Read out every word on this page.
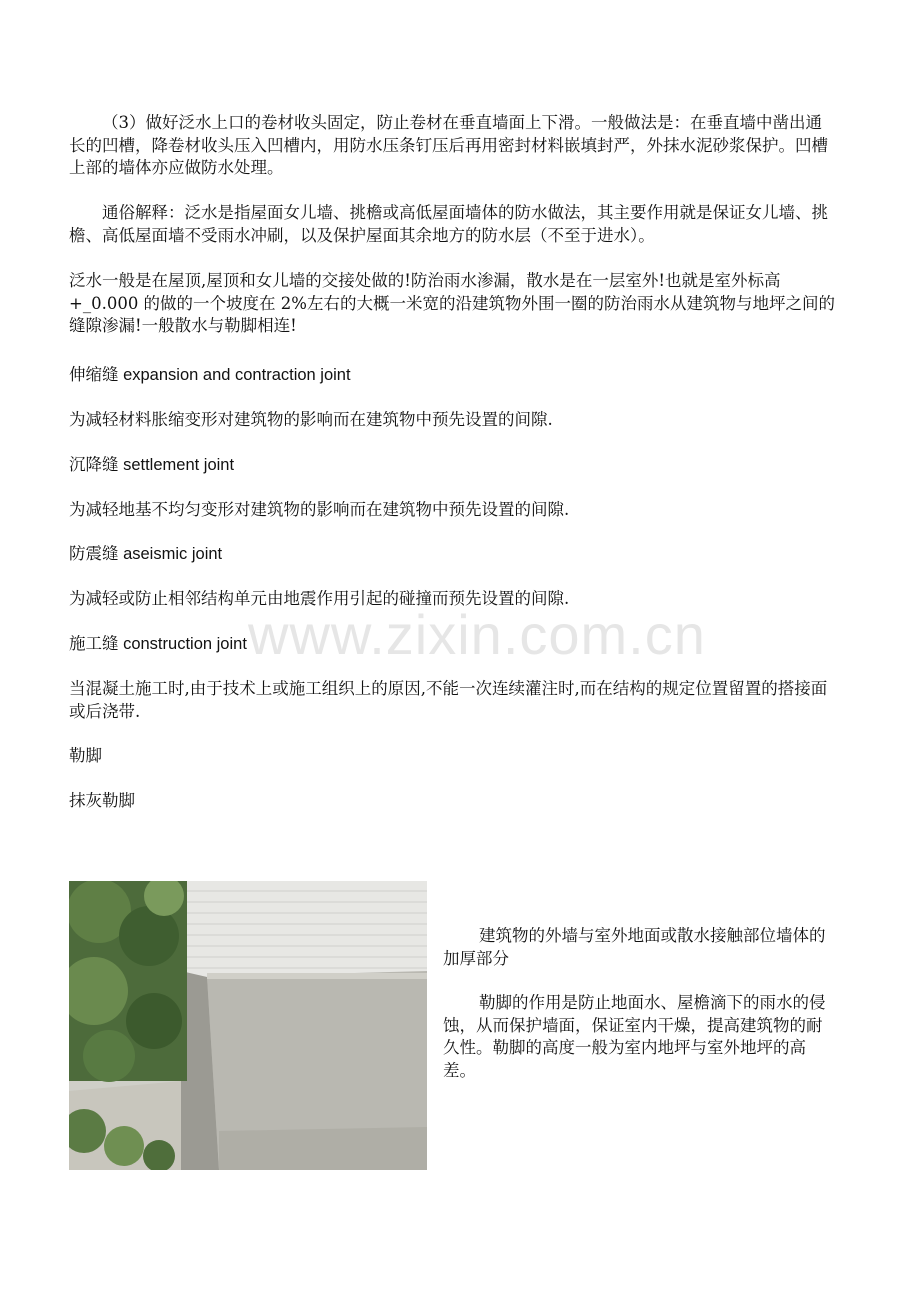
www.zixin.com.cn

（3）做好泛水上口的卷材收头固定，防止卷材在垂直墙面上下滑。一般做法是：在垂直墙中凿出通长的凹槽，降卷材收头压入凹槽内，用防水压条钉压后再用密封材料嵌填封严，外抹水泥砂浆保护。凹槽上部的墙体亦应做防水处理。

通俗解释：泛水是指屋面女儿墙、挑檐或高低屋面墙体的防水做法，其主要作用就是保证女儿墙、挑檐、高低屋面墙不受雨水冲刷，以及保护屋面其余地方的防水层（不至于进水）。

泛水一般是在屋顶,屋顶和女儿墙的交接处做的!防治雨水渗漏，散水是在一层室外!也就是室外标高+_0.000 的做的一个坡度在 2%左右的大概一米宽的沿建筑物外围一圈的防治雨水从建筑物与地坪之间的缝隙渗漏!一般散水与勒脚相连!

伸缩缝 expansion and contraction joint

为减轻材料胀缩变形对建筑物的影响而在建筑物中预先设置的间隙.

沉降缝 settlement joint

为减轻地基不均匀变形对建筑物的影响而在建筑物中预先设置的间隙.

防震缝 aseismic joint

为减轻或防止相邻结构单元由地震作用引起的碰撞而预先设置的间隙.

施工缝 construction joint

当混凝土施工时,由于技术上或施工组织上的原因,不能一次连续灌注时,而在结构的规定位置留置的搭接面或后浇带.

勒脚

抹灰勒脚

建筑物的外墙与室外地面或散水接触部位墙体的加厚部分

勒脚的作用是防止地面水、屋檐滴下的雨水的侵蚀，从而保护墙面，保证室内干燥，提高建筑物的耐久性。勒脚的高度一般为室内地坪与室外地坪的高差。
